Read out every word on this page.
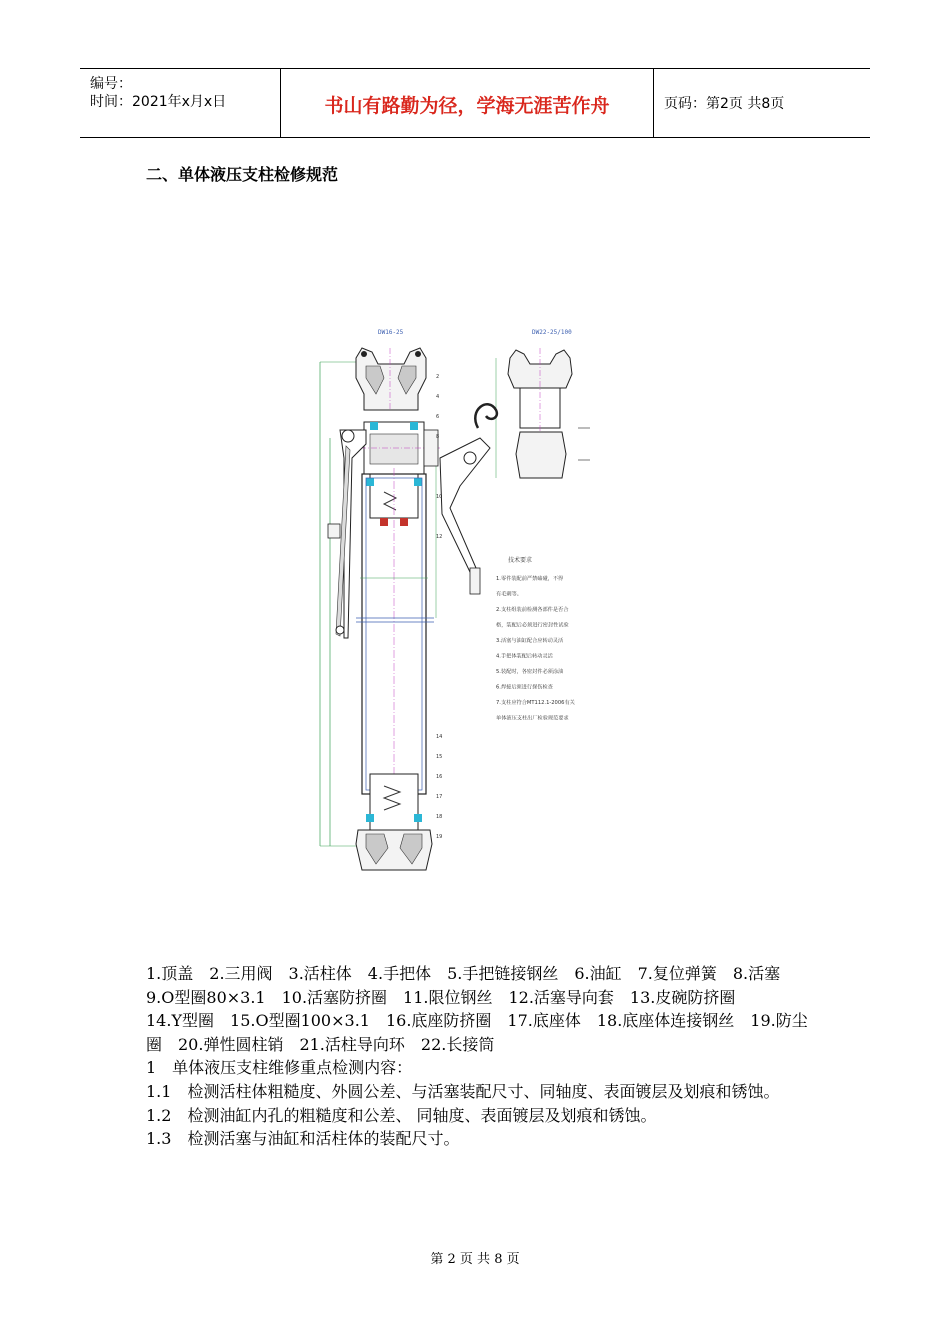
编号：
时间：2021年x月x日	书山有路勤为径，学海无涯苦作舟	页码：第2页 共8页
二、单体液压支柱检修规范
DW16-25	DW22-25/100
技术要求
1.零件装配前严禁磕碰，不得
有毛刺等。
2.支柱组装前检测各部件是否合
格，装配后必须进行密封性试验
3.活塞与油缸配合应转动灵活
4.手把体装配后转动灵活
5.装配时，各密封件必须涂油
6.焊接后须进行探伤检查
7.支柱应符合MT112.1-2006有关
单体液压支柱出厂检验规范要求
2
4
6
8
10
12
14
15
16
17
18
19

1.顶盖　2.三用阀　3.活柱体　4.手把体　5.手把链接钢丝　6.油缸　7.复位弹簧　8.活塞　9.O型圈80×3.1　10.活塞防挤圈　11.限位钢丝　12.活塞导向套　13.皮碗防挤圈

14.Y型圈　15.O型圈100×3.1　16.底座防挤圈　17.底座体　18.底座体连接钢丝　19.防尘圈　20.弹性圆柱销　21.活柱导向环　22.长接筒

1　单体液压支柱维修重点检测内容：

1.1　检测活柱体粗糙度、外圆公差、与活塞装配尺寸、同轴度、表面镀层及划痕和锈蚀。

1.2　检测油缸内孔的粗糙度和公差、 同轴度、表面镀层及划痕和锈蚀。

1.3　检测活塞与油缸和活柱体的装配尺寸。

第 2 页 共 8 页
